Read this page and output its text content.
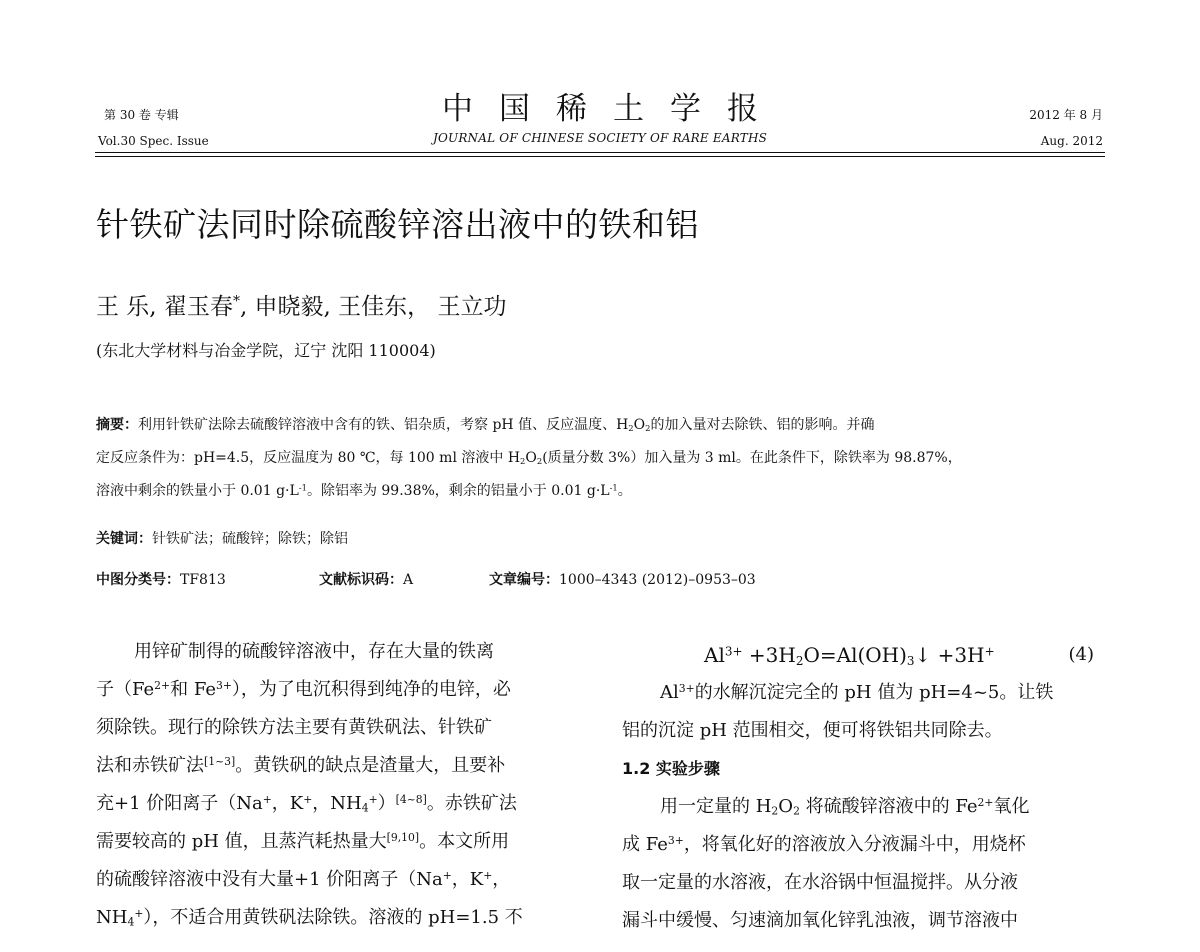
第 30 卷 专辑
Vol.30 Spec. Issue
中国稀土学报
JOURNAL OF CHINESE SOCIETY OF RARE EARTHS
2012 年 8 月
Aug. 2012
针铁矿法同时除硫酸锌溶出液中的铁和铝
王 乐, 翟玉春*, 申晓毅, 王佳东， 王立功
(东北大学材料与冶金学院，辽宁 沈阳 110004)
摘要：利用针铁矿法除去硫酸锌溶液中含有的铁、铝杂质，考察 pH 值、反应温度、$H_2O_2$的加入量对去除铁、铝的影响。并确
定反应条件为：pH=4.5，反应温度为 80 ℃，每 100 ml 溶液中 $H_2O_2$(质量分数 3%）加入量为 3 ml。在此条件下，除铁率为 98.87%，
溶液中剩余的铁量小于 0.01 $g\cdot L^{-1}$。除铝率为 99.38%，剩余的铝量小于 0.01 $g\cdot L^{-1}$。
关键词：针铁矿法；硫酸锌；除铁；除铝
中图分类号：TF813	文献标识码：A	文章编号：1000–4343 (2012)–0953–03
用锌矿制得的硫酸锌溶液中，存在大量的铁离
子（$Fe^{2+}$和 $Fe^{3+}$），为了电沉积得到纯净的电锌，必
须除铁。现行的除铁方法主要有黄铁矾法、针铁矿
法和赤铁矿法[1~3]。黄铁矾的缺点是渣量大，且要补
充+1 价阳离子（Na+，K+，$NH_4^+)[4\sim 8]$。赤铁矿法
需要较高的 pH 值，且蒸汽耗热量大[9,10]。本文所用
的硫酸锌溶液中没有大量+1 价阳离子（Na+，K+，
$NH_4^+$），不适合用黄铁矾法除铁。溶液的 pH=1.5 不
$Al^{3+}$ $+3H_2O=Al(OH)_3↓ +3H^+$	(4)
$Al^{3+}$的水解沉淀完全的 pH 值为 pH=4~5。让铁
铝的沉淀 pH 范围相交，便可将铁铝共同除去。
1.2 实验步骤
用一定量的 $H_2O_2$ 将硫酸锌溶液中的 $Fe^{2+}$氧化
成 $Fe^{3+}$，将氧化好的溶液放入分液漏斗中，用烧杯
取一定量的水溶液，在水浴锅中恒温搅拌。从分液
漏斗中缓慢、匀速滴加氧化锌乳浊液，调节溶液中
